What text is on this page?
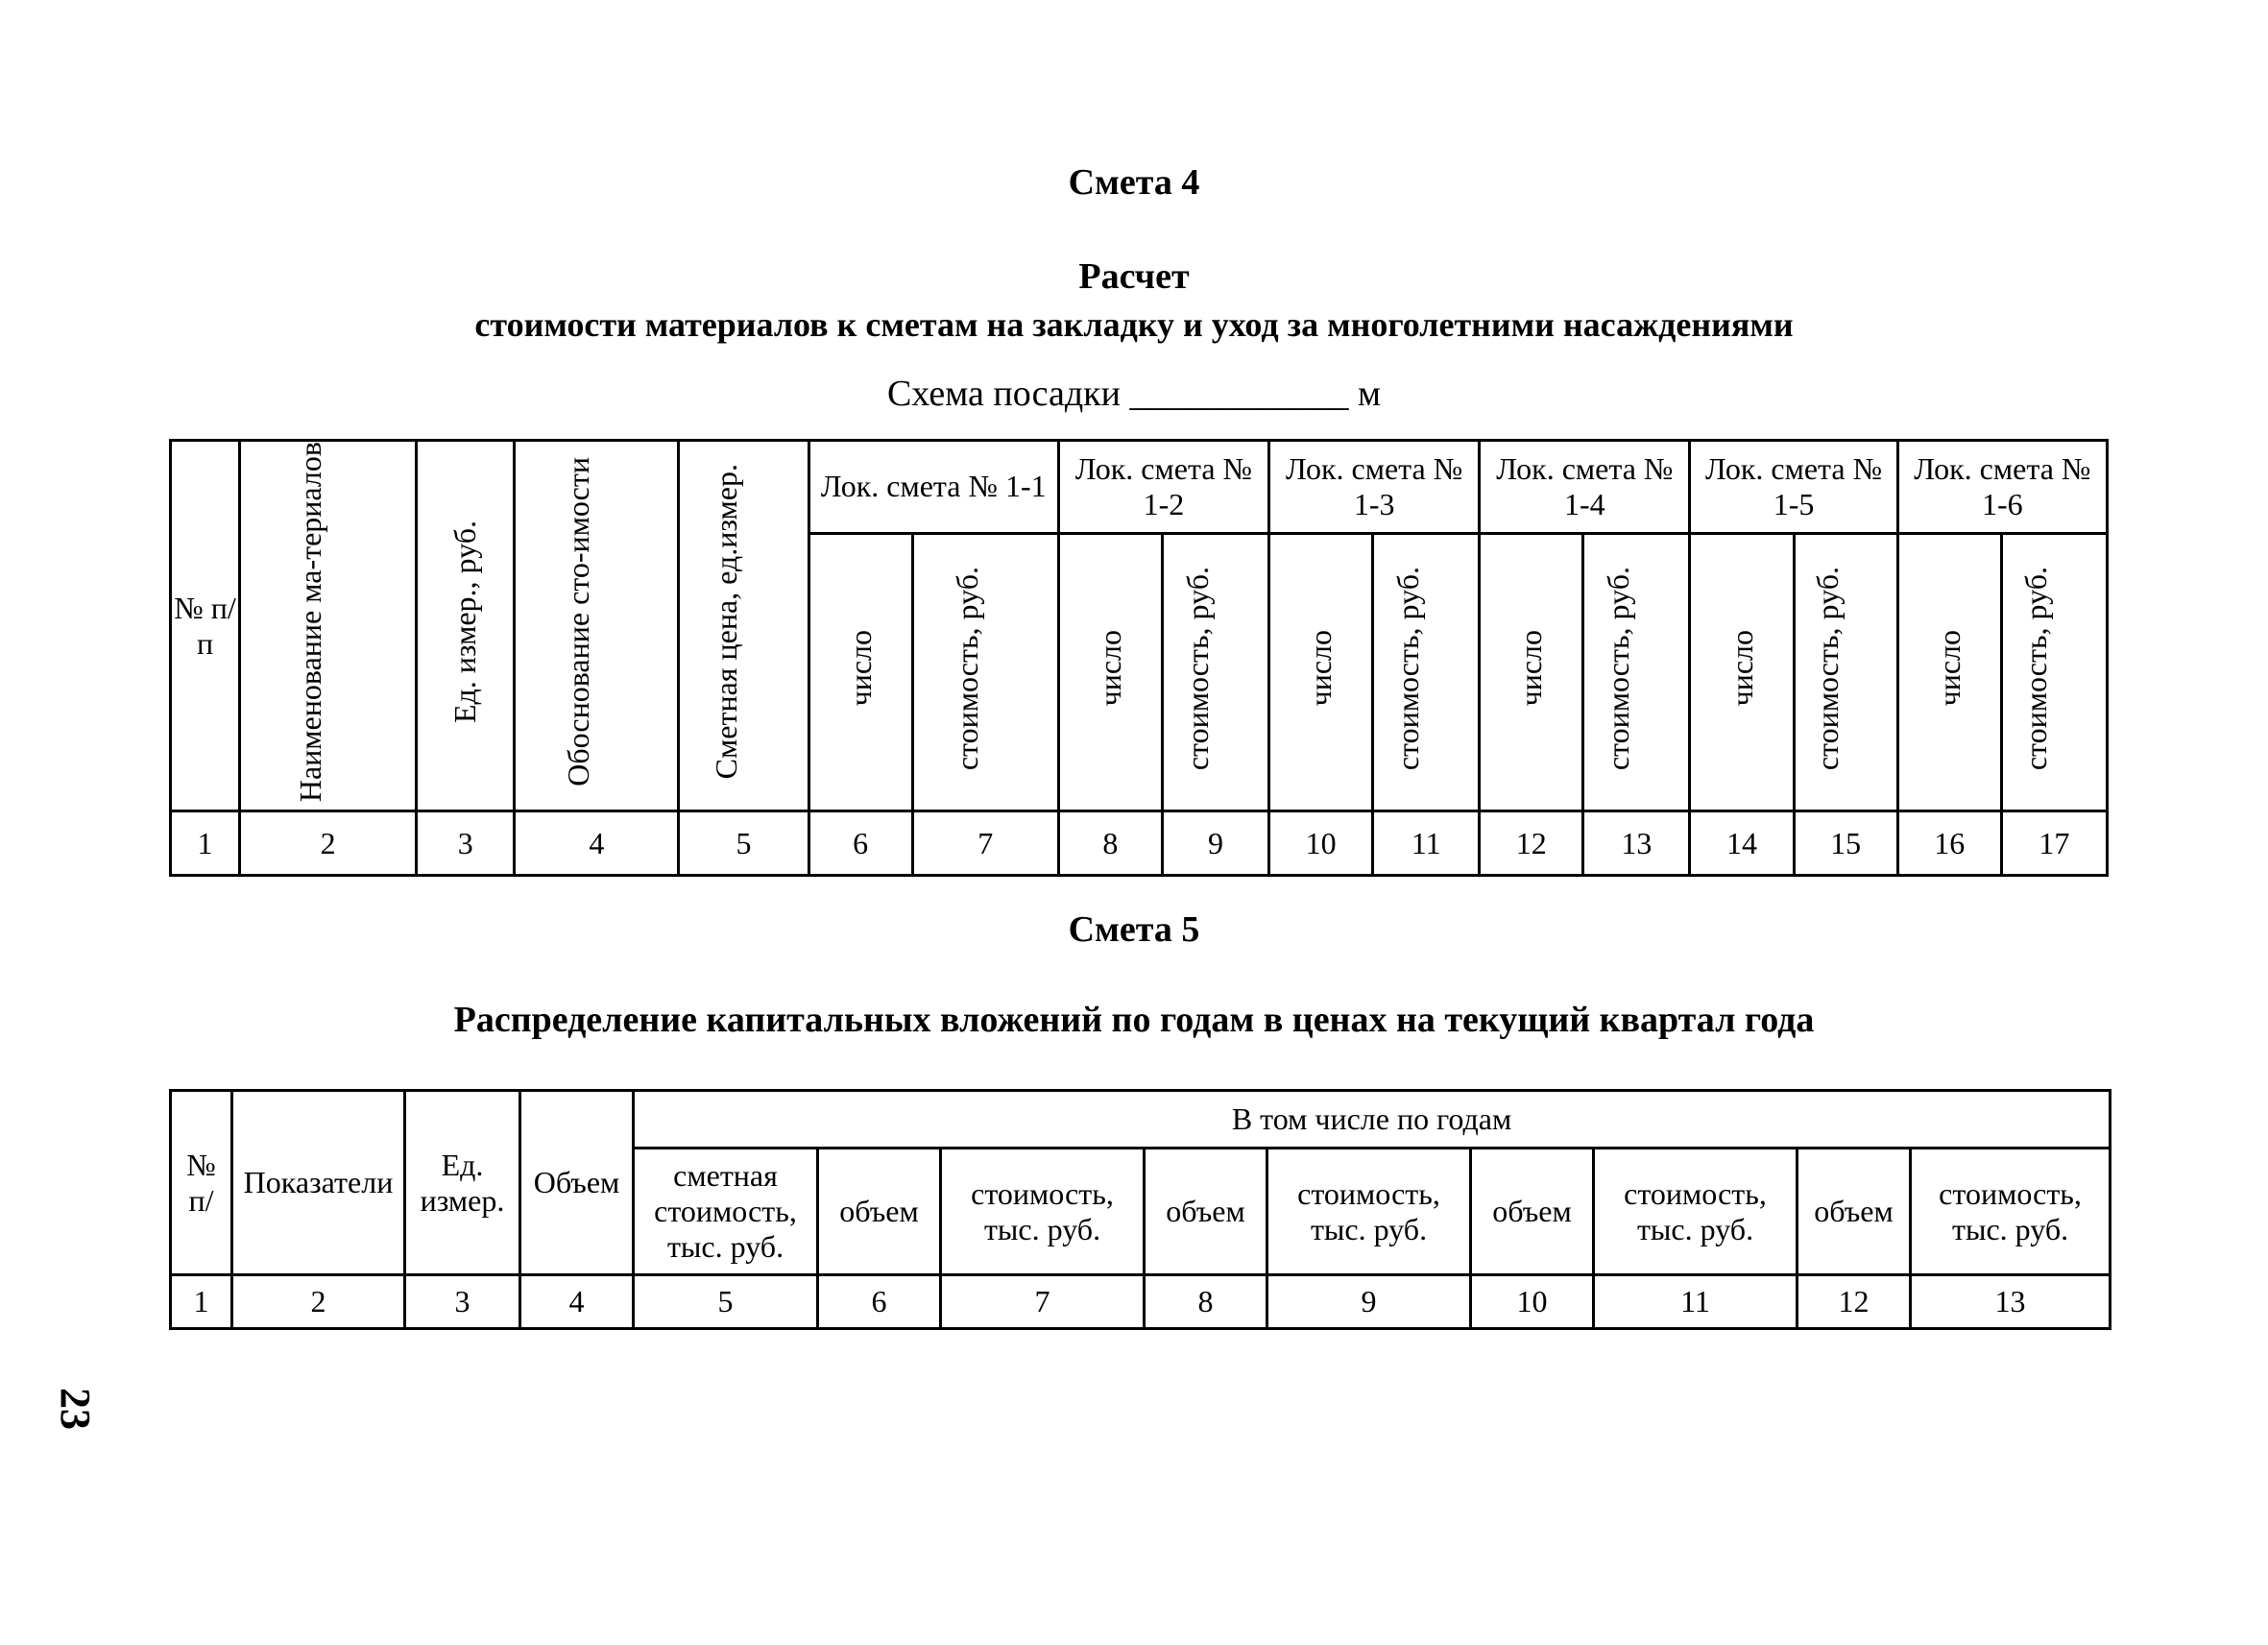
Смета 4
Расчет
стоимости материалов к сметам на закладку и уход за многолетними насаждениями
Схема посадки ____________ м
№ п/п	Наименование ма-териалов	Ед. измер., руб.	Обоснование сто-имости	Сметная цена, ед.измер.	Лок. смета № 1-1		Лок. смета № 1-2		Лок. смета № 1-3		Лок. смета № 1-4		Лок. смета № 1-5		Лок. смета № 1-6	
					число	стоимость, руб.	число	стоимость, руб.	число	стоимость, руб.	число	стоимость, руб.	число	стоимость, руб.	число	стоимость, руб.
1	2	3	4	5	6	7	8	9	10	11	12	13	14	15	16	17
Смета 5
Распределение капитальных вложений по годам в ценах на текущий квартал года
№ п/	Показатели	Ед. измер.	Объем	В том числе по годам								
				сметная стоимость, тыс. руб.	объем	стоимость, тыс. руб.	объем	стоимость, тыс. руб.	объем	стоимость, тыс. руб.	объем	стоимость, тыс. руб.
1	2	3	4	5	6	7	8	9	10	11	12	13
23
